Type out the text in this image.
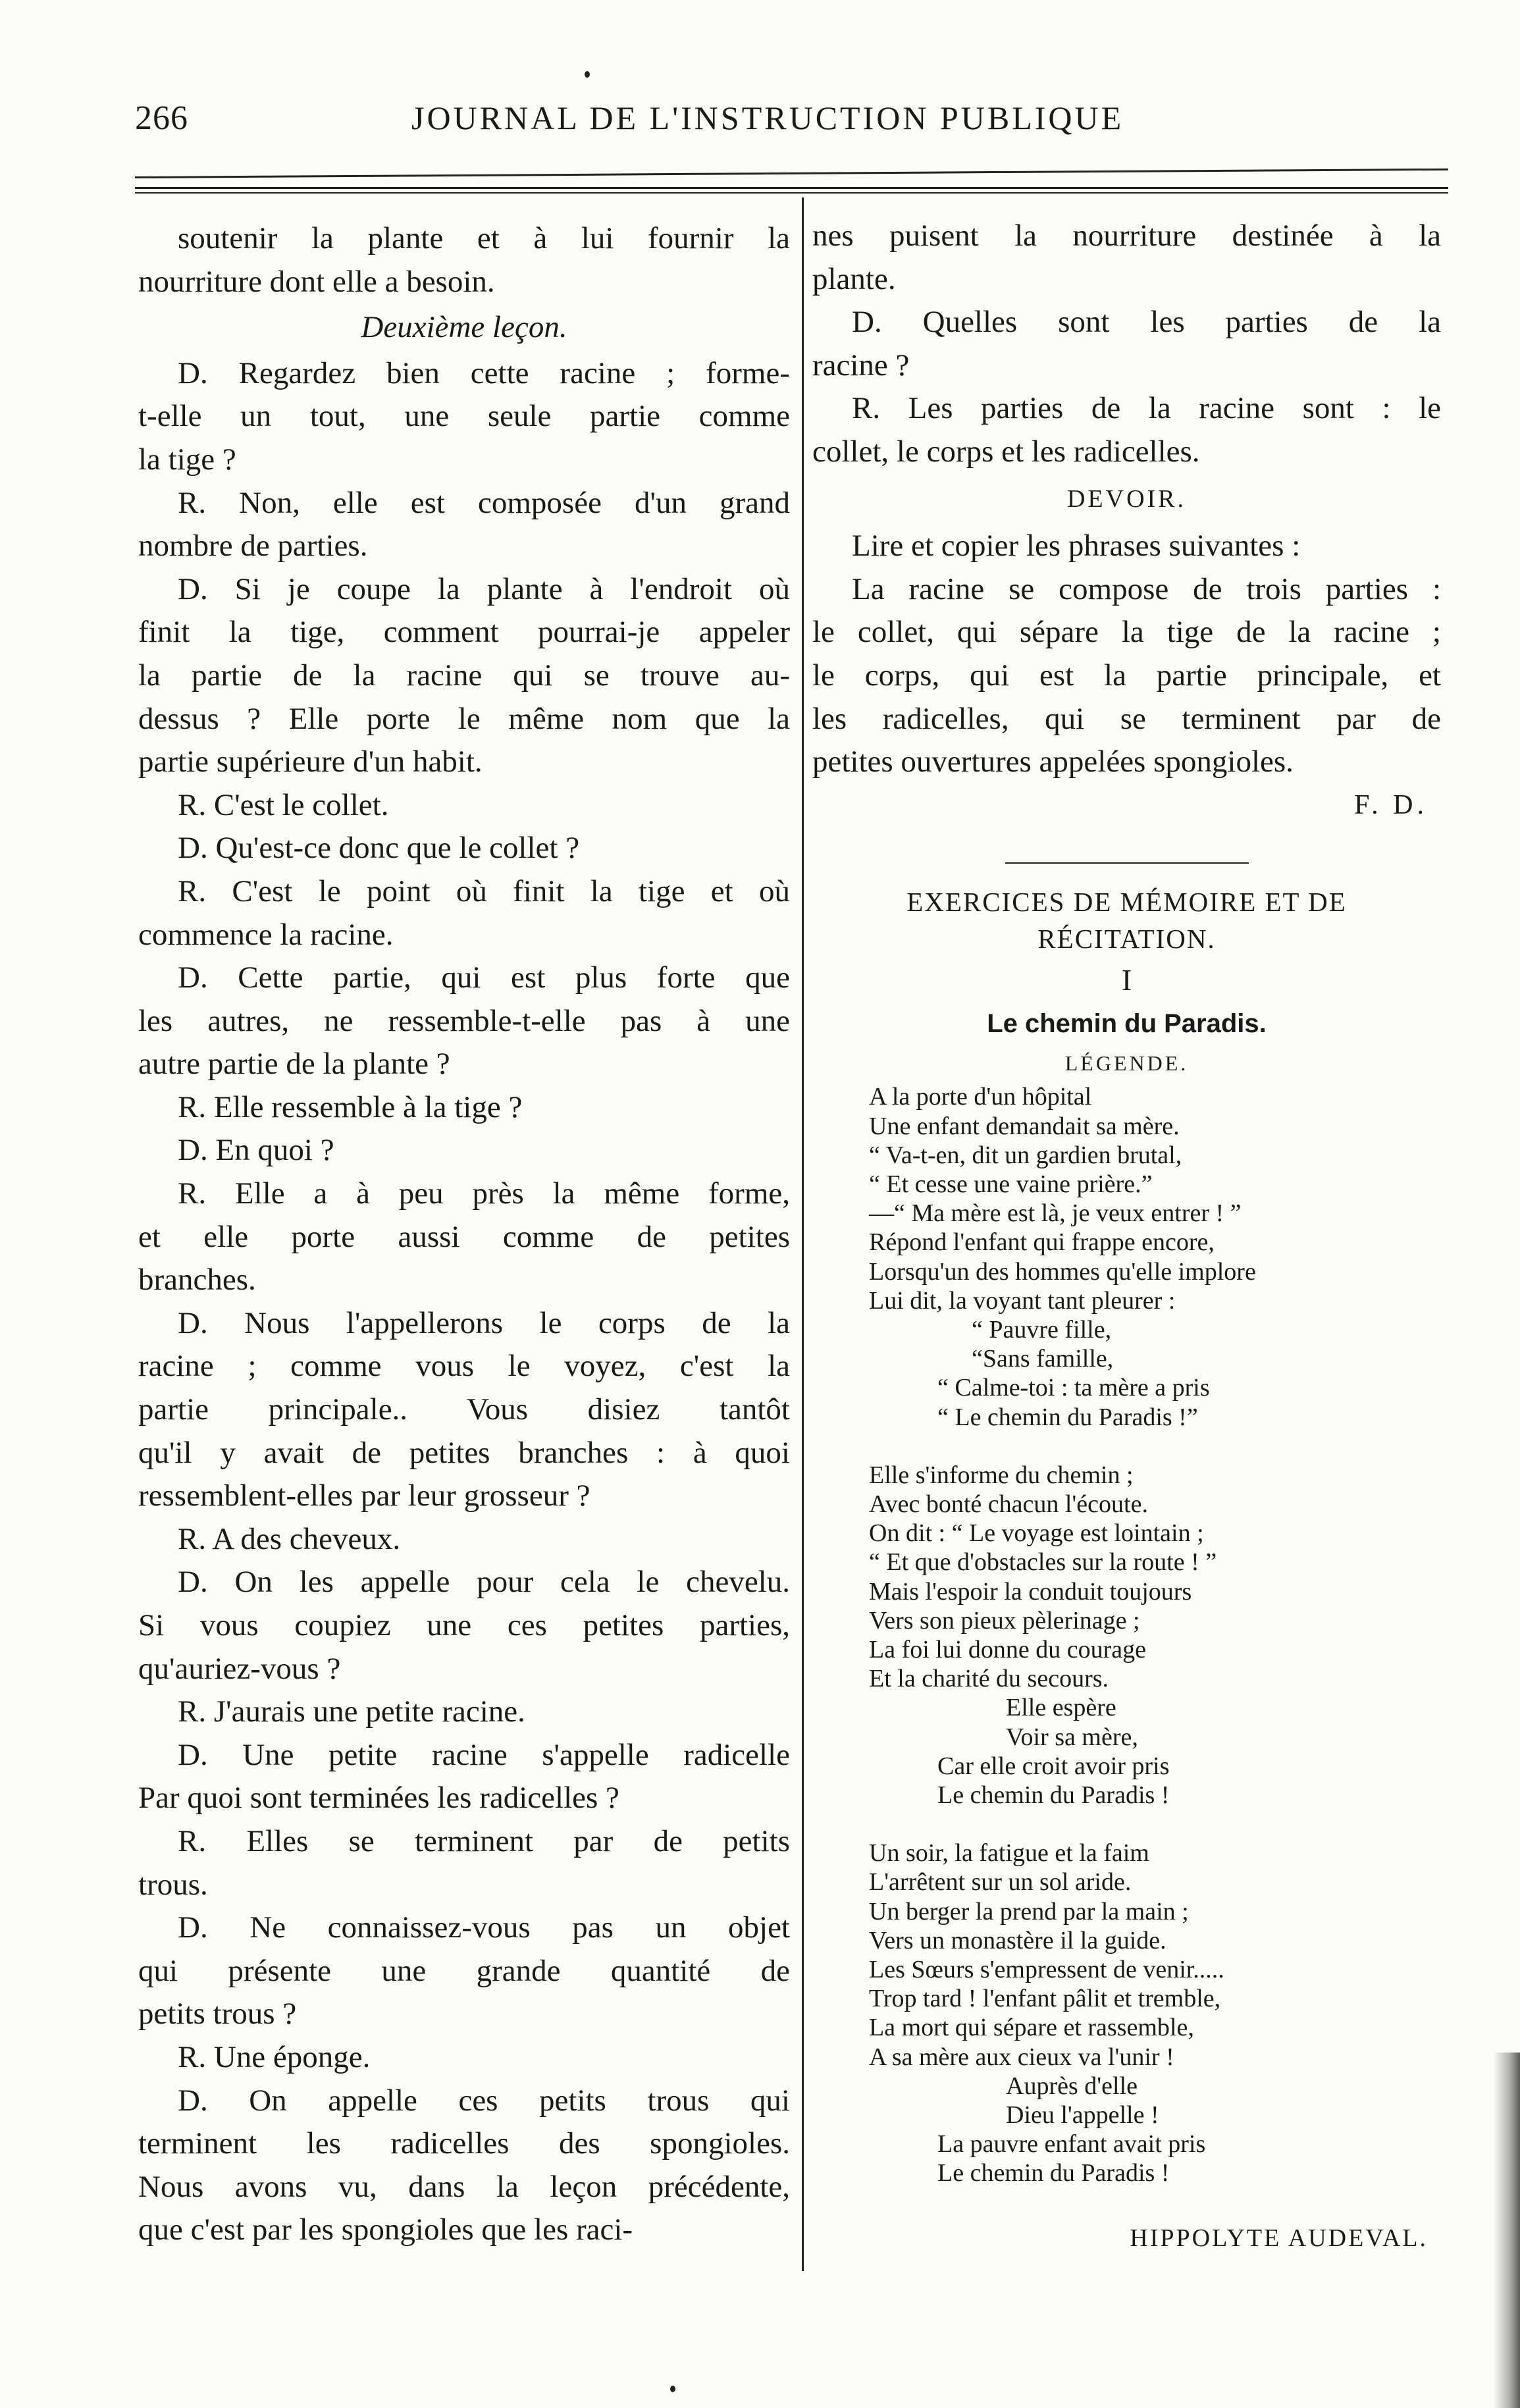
266	JOURNAL DE L'INSTRUCTION PUBLIQUE

soutenir la plante et à lui fournir la

nourriture dont elle a besoin.

Deuxième leçon.

D. Regardez bien cette racine ; forme-

t-elle un tout, une seule partie comme

la tige ?

R. Non, elle est composée d'un grand

nombre de parties.

D. Si je coupe la plante à l'endroit où

finit la tige, comment pourrai-je appeler

la partie de la racine qui se trouve au-

dessus ? Elle porte le même nom que la

partie supérieure d'un habit.

R. C'est le collet.

D. Qu'est-ce donc que le collet ?

R. C'est le point où finit la tige et où

commence la racine.

D. Cette partie, qui est plus forte que

les autres, ne ressemble-t-elle pas à une

autre partie de la plante ?

R. Elle ressemble à la tige ?

D. En quoi ?

R. Elle a à peu près la même forme,

et elle porte aussi comme de petites

branches.

D. Nous l'appellerons le corps de la

racine ; comme vous le voyez, c'est la

partie principale.. Vous disiez tantôt

qu'il y avait de petites branches : à quoi

ressemblent-elles par leur grosseur ?

R. A des cheveux.

D. On les appelle pour cela le chevelu.

Si vous coupiez une ces petites parties,

qu'auriez-vous ?

R. J'aurais une petite racine.

D. Une petite racine s'appelle radicelle

Par quoi sont terminées les radicelles ?

R. Elles se terminent par de petits

trous.

D. Ne connaissez-vous pas un objet

qui présente une grande quantité de

petits trous ?

R. Une éponge.

D. On appelle ces petits trous qui

terminent les radicelles des spongioles.

Nous avons vu, dans la leçon précédente,

que c'est par les spongioles que les raci-

nes puisent la nourriture destinée à la

plante.

D. Quelles sont les parties de la

racine ?

R. Les parties de la racine sont : le

collet, le corps et les radicelles.

DEVOIR.

Lire et copier les phrases suivantes :

La racine se compose de trois parties :

le collet, qui sépare la tige de la racine ;

le corps, qui est la partie principale, et

les radicelles, qui se terminent par de

petites ouvertures appelées spongioles.

F. D.
EXERCICES DE MÉMOIRE ET DE
RÉCITATION.
I
Le chemin du Paradis.
LÉGENDE.
A la porte d'un hôpital
Une enfant demandait sa mère.
“ Va-t-en, dit un gardien brutal,
“ Et cesse une vaine prière.”
—“ Ma mère est là, je veux entrer ! ”
Répond l'enfant qui frappe encore,
Lorsqu'un des hommes qu'elle implore
Lui dit, la voyant tant pleurer :
“ Pauvre fille,
“Sans famille,
“ Calme-toi : ta mère a pris
“ Le chemin du Paradis !”
Elle s'informe du chemin ;
Avec bonté chacun l'écoute.
On dit : “ Le voyage est lointain ;
“ Et que d'obstacles sur la route ! ”
Mais l'espoir la conduit toujours
Vers son pieux pèlerinage ;
La foi lui donne du courage
Et la charité du secours.
Elle espère
Voir sa mère,
Car elle croit avoir pris
Le chemin du Paradis !
Un soir, la fatigue et la faim
L'arrêtent sur un sol aride.
Un berger la prend par la main ;
Vers un monastère il la guide.
Les Sœurs s'empressent de venir.....
Trop tard ! l'enfant pâlit et tremble,
La mort qui sépare et rassemble,
A sa mère aux cieux va l'unir !
Auprès d'elle
Dieu l'appelle !
La pauvre enfant avait pris
Le chemin du Paradis !
HIPPOLYTE AUDEVAL.
